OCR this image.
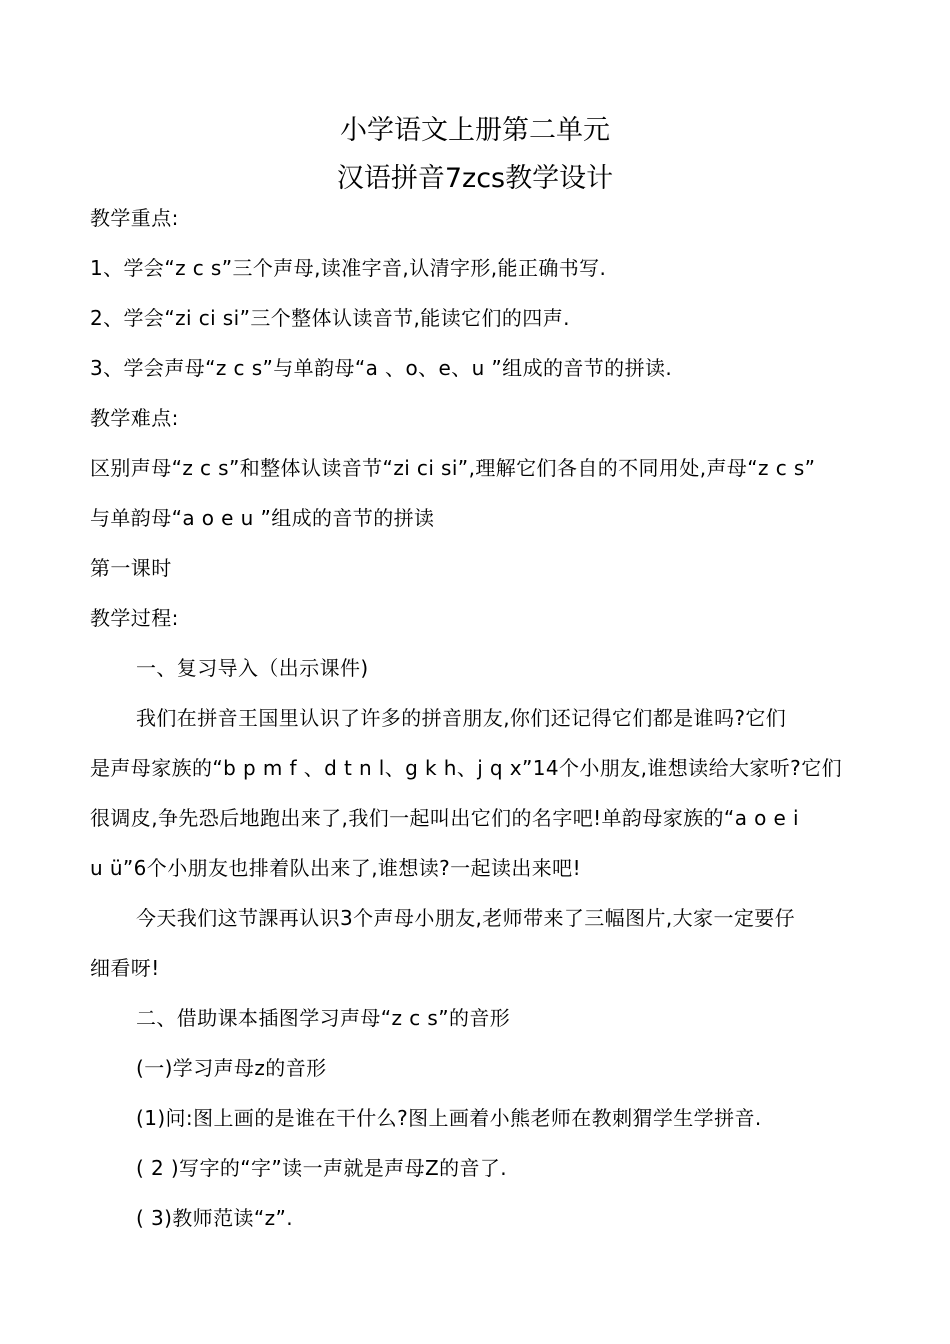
小学语文上册第二单元
汉语拼音7zcs教学设计
教学重点:
1、学会“z c s”三个声母,读准字音,认清字形,能正确书写.
2、学会“zi ci si”三个整体认读音节,能读它们的四声.
3、学会声母“z c s”与单韵母“a 、o、e、u ”组成的音节的拼读.
教学难点:
区别声母“z c s”和整体认读音节“zi ci si”,理解它们各自的不同用处,声母“z c s”
与单韵母“a o e u ”组成的音节的拼读
第一课时
教学过程:
一、复习导入（出示课件)
我们在拼音王国里认识了许多的拼音朋友,你们还记得它们都是谁吗?它们
是声母家族的“b p m f 、d t n l、g k h、j q x”14个小朋友,谁想读给大家听?它们
很调皮,争先恐后地跑出来了,我们一起叫出它们的名字吧!单韵母家族的“a o e i
u ü”6个小朋友也排着队出来了,谁想读?一起读出来吧!
今天我们这节課再认识3个声母小朋友,老师带来了三幅图片,大家一定要仔
细看呀!
二、借助课本插图学习声母“z c s”的音形
(一)学习声母z的音形
(1)问:图上画的是谁在干什么?图上画着小熊老师在教刺猬学生学拼音.
( 2 )写字的“字”读一声就是声母Z的音了.
( 3)教师范读“z”.
